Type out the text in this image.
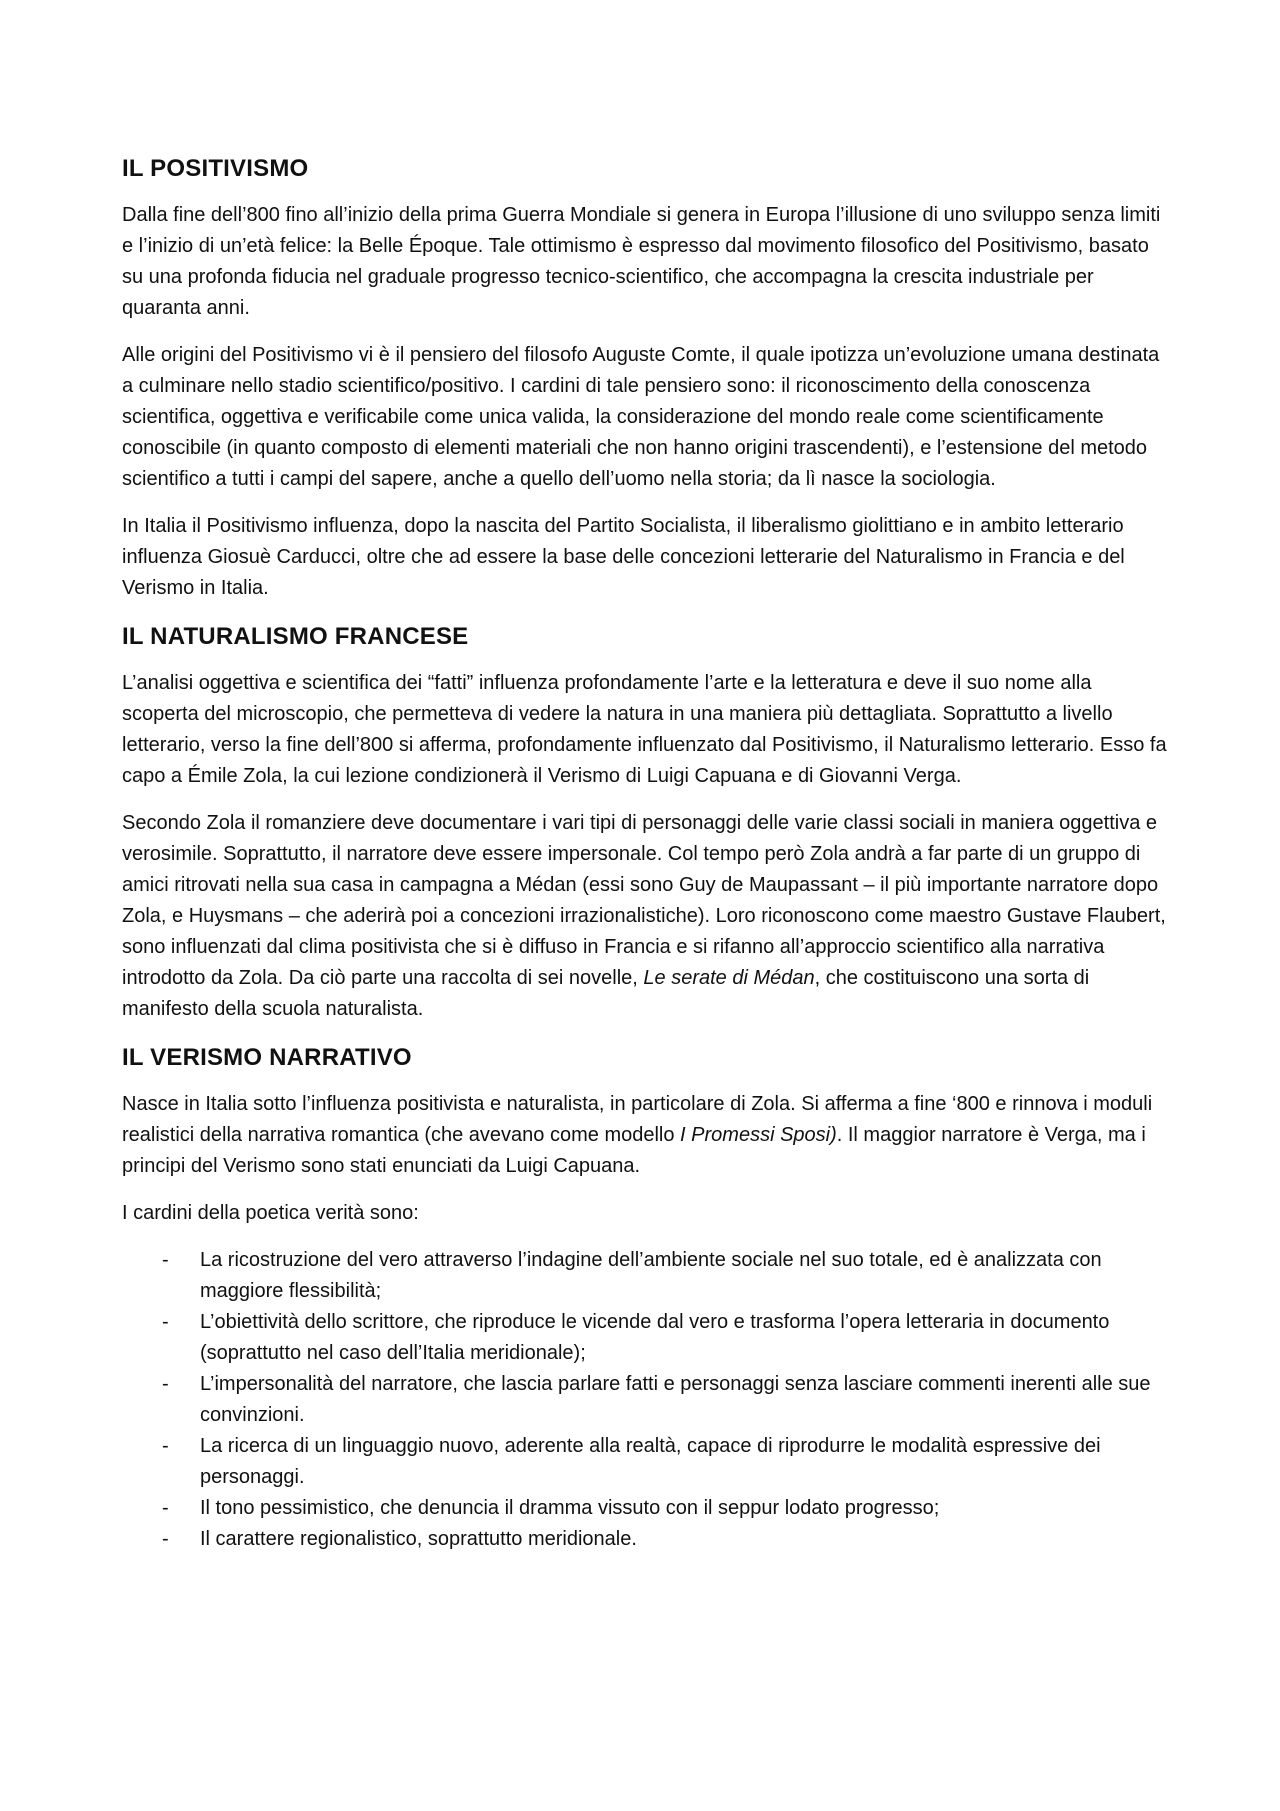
IL POSITIVISMO

Dalla fine dell’800 fino all’inizio della prima Guerra Mondiale si genera in Europa l’illusione di uno sviluppo senza limiti e l’inizio di un’età felice: la Belle Époque. Tale ottimismo è espresso dal movimento filosofico del Positivismo, basato su una profonda fiducia nel graduale progresso tecnico-scientifico, che accompagna la crescita industriale per quaranta anni.

Alle origini del Positivismo vi è il pensiero del filosofo Auguste Comte, il quale ipotizza un’evoluzione umana destinata a culminare nello stadio scientifico/positivo. I cardini di tale pensiero sono: il riconoscimento della conoscenza scientifica, oggettiva e verificabile come unica valida, la considerazione del mondo reale come scientificamente conoscibile (in quanto composto di elementi materiali che non hanno origini trascendenti), e l’estensione del metodo scientifico a tutti i campi del sapere, anche a quello dell’uomo nella storia; da lì nasce la sociologia.

In Italia il Positivismo influenza, dopo la nascita del Partito Socialista, il liberalismo giolittiano e in ambito letterario influenza Giosuè Carducci, oltre che ad essere la base delle concezioni letterarie del Naturalismo in Francia e del Verismo in Italia.

IL NATURALISMO FRANCESE

L’analisi oggettiva e scientifica dei “fatti” influenza profondamente l’arte e la letteratura e deve il suo nome alla scoperta del microscopio, che permetteva di vedere la natura in una maniera più dettagliata. Soprattutto a livello letterario, verso la fine dell’800 si afferma, profondamente influenzato dal Positivismo, il Naturalismo letterario. Esso fa capo a Émile Zola, la cui lezione condizionerà il Verismo di Luigi Capuana e di Giovanni Verga.

Secondo Zola il romanziere deve documentare i vari tipi di personaggi delle varie classi sociali in maniera oggettiva e verosimile. Soprattutto, il narratore deve essere impersonale. Col tempo però Zola andrà a far parte di un gruppo di amici ritrovati nella sua casa in campagna a Médan (essi sono Guy de Maupassant – il più importante narratore dopo Zola, e Huysmans – che aderirà poi a concezioni irrazionalistiche). Loro riconoscono come maestro Gustave Flaubert, sono influenzati dal clima positivista che si è diffuso in Francia e si rifanno all’approccio scientifico alla narrativa introdotto da Zola. Da ciò parte una raccolta di sei novelle, Le serate di Médan, che costituiscono una sorta di manifesto della scuola naturalista.

IL VERISMO NARRATIVO

Nasce in Italia sotto l’influenza positivista e naturalista, in particolare di Zola. Si afferma a fine ‘800 e rinnova i moduli realistici della narrativa romantica (che avevano come modello I Promessi Sposi). Il maggior narratore è Verga, ma i principi del Verismo sono stati enunciati da Luigi Capuana.

I cardini della poetica verità sono:

- La ricostruzione del vero attraverso l’indagine dell’ambiente sociale nel suo totale, ed è analizzata con maggiore flessibilità;
- L’obiettività dello scrittore, che riproduce le vicende dal vero e trasforma l’opera letteraria in documento (soprattutto nel caso dell’Italia meridionale);
- L’impersonalità del narratore, che lascia parlare fatti e personaggi senza lasciare commenti inerenti alle sue convinzioni.
- La ricerca di un linguaggio nuovo, aderente alla realtà, capace di riprodurre le modalità espressive dei personaggi.
- Il tono pessimistico, che denuncia il dramma vissuto con il seppur lodato progresso;
- Il carattere regionalistico, soprattutto meridionale.
